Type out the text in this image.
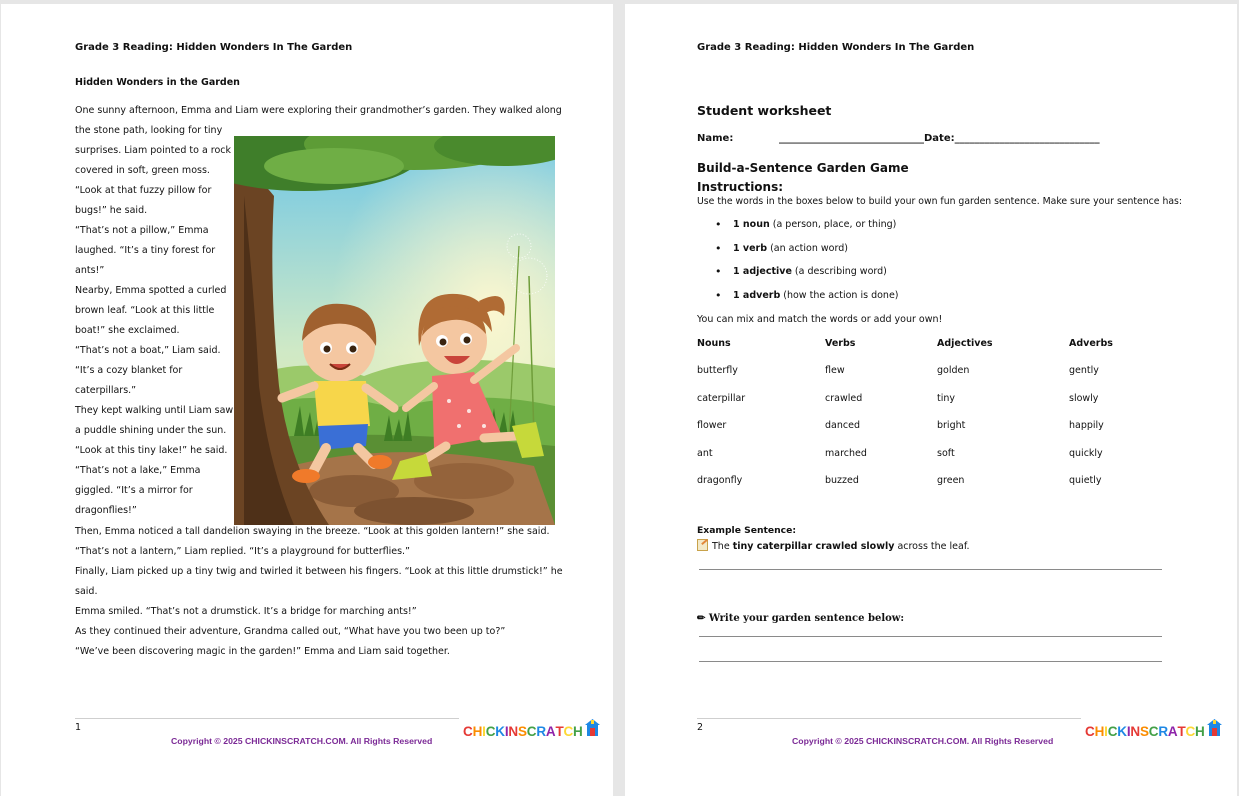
Grade 3 Reading: Hidden Wonders In The Garden
Hidden Wonders in the Garden
One sunny afternoon, Emma and Liam were exploring their grandmother’s garden. They walked along
the stone path, looking for tiny
surprises. Liam pointed to a rock
covered in soft, green moss.
“Look at that fuzzy pillow for
bugs!” he said.
“That’s not a pillow,” Emma
laughed. “It’s a tiny forest for
ants!”
Nearby, Emma spotted a curled
brown leaf. “Look at this little
boat!” she exclaimed.
“That’s not a boat,” Liam said.
“It’s a cozy blanket for
caterpillars.”
They kept walking until Liam saw
a puddle shining under the sun.
“Look at this tiny lake!” he said.
“That’s not a lake,” Emma
giggled. “It’s a mirror for
dragonflies!”
Then, Emma noticed a tall dandelion swaying in the breeze. “Look at this golden lantern!” she said.
“That’s not a lantern,” Liam replied. “It’s a playground for butterflies.”
Finally, Liam picked up a tiny twig and twirled it between his fingers. “Look at this little drumstick!” he
said.
Emma smiled. “That’s not a drumstick. It’s a bridge for marching ants!”
As they continued their adventure, Grandma called out, “What have you two been up to?”
“We’ve been discovering magic in the garden!” Emma and Liam said together.
1
Copyright © 2025 CHICKINSCRATCH.COM. All Rights Reserved
CHICKINSCRATCH
Grade 3 Reading: Hidden Wonders In The Garden
Student worksheet
Name:	_____________________________Date:_____________________________
Build-a-Sentence Garden Game
Instructions:
Use the words in the boxes below to build your own fun garden sentence. Make sure your sentence has:
• 1 noun (a person, place, or thing)
• 1 verb (an action word)
• 1 adjective (a describing word)
• 1 adverb (how the action is done)
You can mix and match the words or add your own!
Nouns	Verbs	Adjectives	Adverbs
butterfly	flew	golden	gently
caterpillar	crawled	tiny	slowly
flower	danced	bright	happily
ant	marched	soft	quickly
dragonfly	buzzed	green	quietly
Example Sentence:
The tiny caterpillar crawled slowly across the leaf.
✏ Write your garden sentence below:
2
Copyright © 2025 CHICKINSCRATCH.COM. All Rights Reserved
CHICKINSCRATCH
